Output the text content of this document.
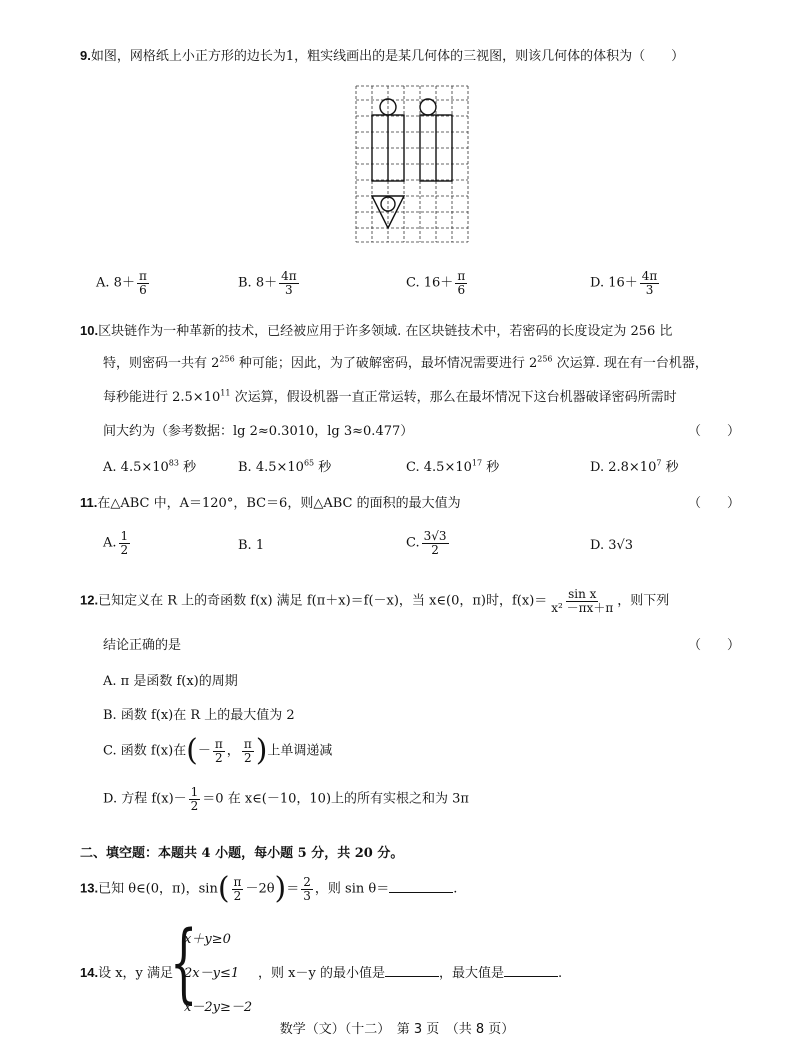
9.如图，网格纸上小正方形的边长为1，粗实线画出的是某几何体的三视图，则该几何体的体积为（　　）
A. $8+ \frac{\pi}{6}$	B. $8+ \frac{4\pi}{3}$	C. $16+ \frac{\pi}{6}$	D. $16+ \frac{4\pi}{3}$
10.区块链作为一种革新的技术，已经被应用于许多领域. 在区块链技术中，若密码的长度设定为 256 比
特，则密码一共有 $2^{256}$ 种可能；因此，为了破解密码，最坏情况需要进行 $2^{256}$ 次运算. 现在有一台机器，
每秒能进行 $2.5\times 10^{11}$ 次运算，假设机器一直正常运转，那么在最坏情况下这台机器破译密码所需时
间大约为（参考数据：lg 2≈0.3010，lg 3≈0.477）	（　　）
A. $4.5\times 10^{83}$ 秒	B. $4.5\times 10^{65}$ 秒	C. $4.5\times 10^{17}$ 秒	D. $2.8\times 10^7$ 秒
11.在△ABC 中，A＝120°，BC＝6，则△ABC 的面积的最大值为	（　　）
A. $\frac{1}{2}$	B. 1	C. $\frac{3√3}{2}$	D. 3√3
12.已知定义在 R 上的奇函数 f(x) 满足 f(π＋x)＝f(－x)，当 x∈(0，π)时，$f(x)= \frac{\text{sin x}}{\text{x² －πx＋π}}$ ，则下列
结论正确的是	（　　）
A. π 是函数 f(x)的周期
B. 函数 f(x)在 R 上的最大值为 2
C. 函数 f(x)在(－ $\frac{\pi}{2}$ ， $\frac{\pi}{2}$ )上单调递减
D. 方程 $f(x)- \frac{1}{2} =0$ 在 x∈(－10，10)上的所有实根之和为 3π
二、填空题：本题共 4 小题，每小题 5 分，共 20 分。
13.已知 θ∈(0，π)，$\sin( \frac{\pi}{2} -2\theta)= \frac{2}{3}$ ，则 sin θ＝	.
14.设 x，y 满足
{
x＋y≥0
2x－y≤1
x－2y≥－2
，则 x－y 的最小值是	，最大值是	.
数学（文）（十二）　第 3 页　（共 8 页）
